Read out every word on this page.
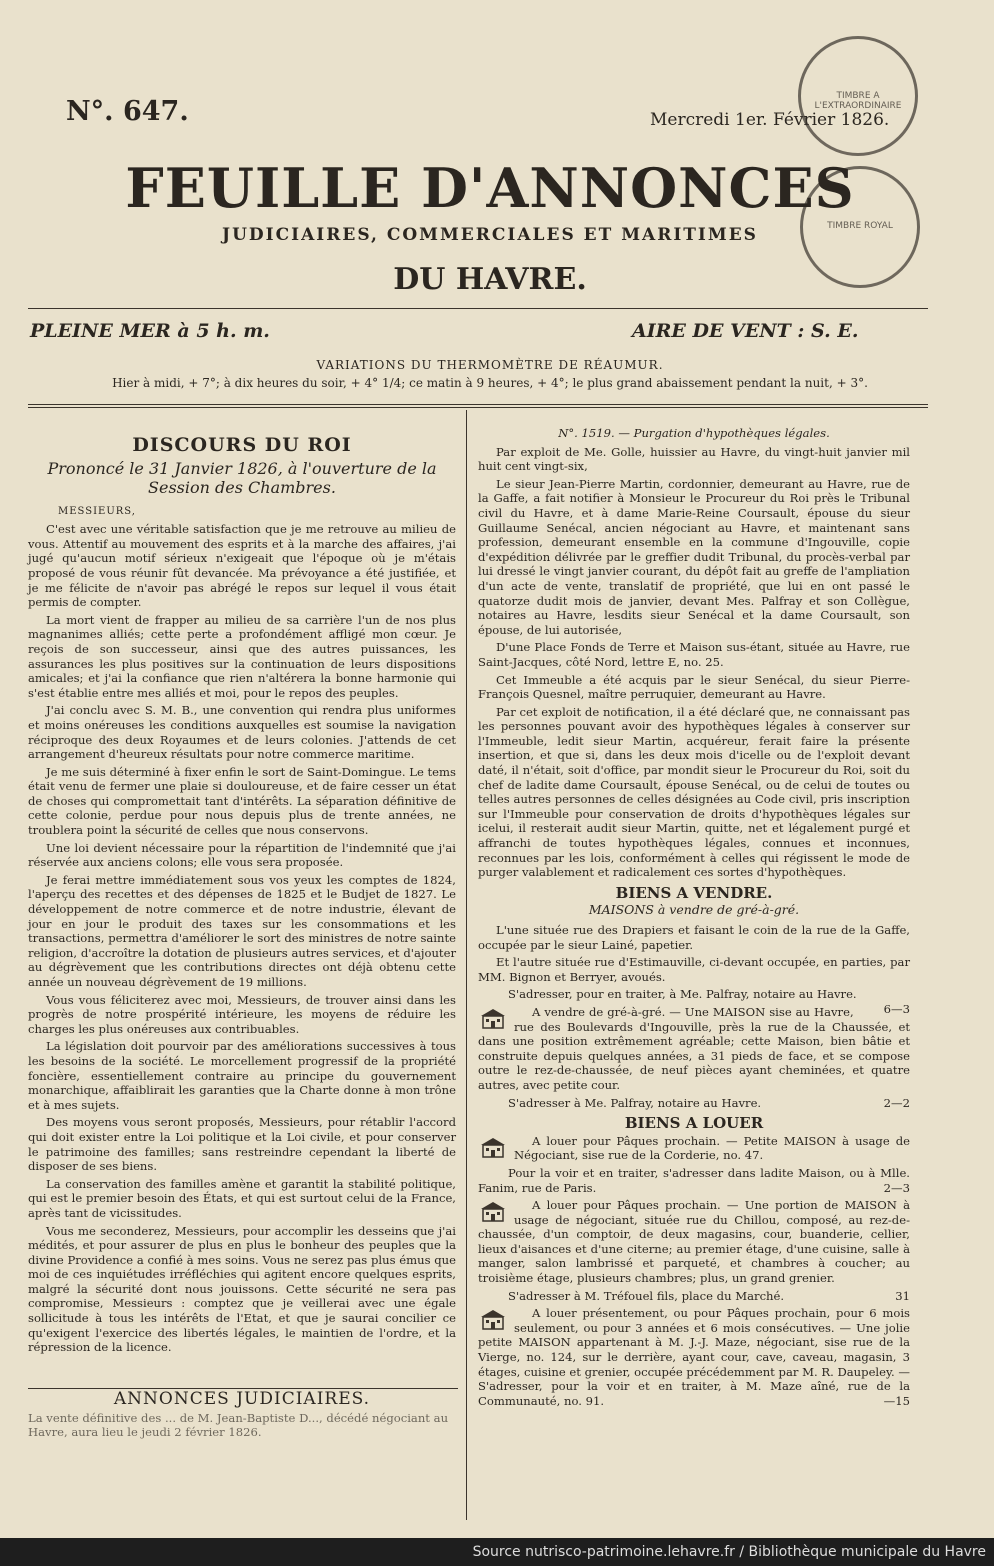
N°. 647.	Mercredi 1er. Février 1826.
TIMBRE A L'EXTRAORDINAIRE
TIMBRE ROYAL
FEUILLE D'ANNONCES
JUDICIAIRES, COMMERCIALES ET MARITIMES
DU HAVRE.
PLEINE MER à 5 h. m.	AIRE DE VENT : S. E.
VARIATIONS DU THERMOMÈTRE DE RÉAUMUR.
Hier à midi, + 7°; à dix heures du soir, + 4° 1/4; ce matin à 9 heures, + 4°; le plus grand abaissement pendant la nuit, + 3°.
DISCOURS DU ROI
Prononcé le 31 Janvier 1826, à l'ouverture de la Session des Chambres.

MESSIEURS,

C'est avec une véritable satisfaction que je me retrouve au milieu de vous. Attentif au mouvement des esprits et à la marche des affaires, j'ai jugé qu'aucun motif sérieux n'exigeait que l'époque où je m'étais proposé de vous réunir fût devancée. Ma prévoyance a été justifiée, et je me félicite de n'avoir pas abrégé le repos sur lequel il vous était permis de compter.

La mort vient de frapper au milieu de sa carrière l'un de nos plus magnanimes alliés; cette perte a profondément affligé mon cœur. Je reçois de son successeur, ainsi que des autres puissances, les assurances les plus positives sur la continuation de leurs dispositions amicales; et j'ai la confiance que rien n'altérera la bonne harmonie qui s'est établie entre mes alliés et moi, pour le repos des peuples.

J'ai conclu avec S. M. B., une convention qui rendra plus uniformes et moins onéreuses les conditions auxquelles est soumise la navigation réciproque des deux Royaumes et de leurs colonies. J'attends de cet arrangement d'heureux résultats pour notre commerce maritime.

Je me suis déterminé à fixer enfin le sort de Saint-Domingue. Le tems était venu de fermer une plaie si douloureuse, et de faire cesser un état de choses qui compromettait tant d'intérêts. La séparation définitive de cette colonie, perdue pour nous depuis plus de trente années, ne troublera point la sécurité de celles que nous conservons.

Une loi devient nécessaire pour la répartition de l'indemnité que j'ai réservée aux anciens colons; elle vous sera proposée.

Je ferai mettre immédiatement sous vos yeux les comptes de 1824, l'aperçu des recettes et des dépenses de 1825 et le Budjet de 1827. Le développement de notre commerce et de notre industrie, élevant de jour en jour le produit des taxes sur les consommations et les transactions, permettra d'améliorer le sort des ministres de notre sainte religion, d'accroître la dotation de plusieurs autres services, et d'ajouter au dégrèvement que les contributions directes ont déjà obtenu cette année un nouveau dégrèvement de 19 millions.

Vous vous féliciterez avec moi, Messieurs, de trouver ainsi dans les progrès de notre prospérité intérieure, les moyens de réduire les charges les plus onéreuses aux contribuables.

La législation doit pourvoir par des améliorations successives à tous les besoins de la société. Le morcellement progressif de la propriété foncière, essentiellement contraire au principe du gouvernement monarchique, affaiblirait les garanties que la Charte donne à mon trône et à mes sujets.

Des moyens vous seront proposés, Messieurs, pour rétablir l'accord qui doit exister entre la Loi politique et la Loi civile, et pour conserver le patrimoine des familles; sans restreindre cependant la liberté de disposer de ses biens.

La conservation des familles amène et garantit la stabilité politique, qui est le premier besoin des États, et qui est surtout celui de la France, après tant de vicissitudes.

Vous me seconderez, Messieurs, pour accomplir les desseins que j'ai médités, et pour assurer de plus en plus le bonheur des peuples que la divine Providence a confié à mes soins. Vous ne serez pas plus émus que moi de ces inquiétudes irréfléchies qui agitent encore quelques esprits, malgré la sécurité dont nous jouissons. Cette sécurité ne sera pas compromise, Messieurs : comptez que je veillerai avec une égale sollicitude à tous les intérêts de l'Etat, et que je saurai concilier ce qu'exigent l'exercice des libertés légales, le maintien de l'ordre, et la répression de la licence.

ANNONCES JUDICIAIRES.

La vente définitive des ... de M. Jean-Baptiste D..., décédé négociant au Havre, aura lieu le jeudi 2 février 1826.

N°. 1519. — Purgation d'hypothèques légales.

Par exploit de Me. Golle, huissier au Havre, du vingt-huit janvier mil huit cent vingt-six,

Le sieur Jean-Pierre Martin, cordonnier, demeurant au Havre, rue de la Gaffe, a fait notifier à Monsieur le Procureur du Roi près le Tribunal civil du Havre, et à dame Marie-Reine Coursault, épouse du sieur Guillaume Senécal, ancien négociant au Havre, et maintenant sans profession, demeurant ensemble en la commune d'Ingouville, copie d'expédition délivrée par le greffier dudit Tribunal, du procès-verbal par lui dressé le vingt janvier courant, du dépôt fait au greffe de l'ampliation d'un acte de vente, translatif de propriété, que lui en ont passé le quatorze dudit mois de janvier, devant Mes. Palfray et son Collègue, notaires au Havre, lesdits sieur Senécal et la dame Coursault, son épouse, de lui autorisée,

D'une Place Fonds de Terre et Maison sus-étant, située au Havre, rue Saint-Jacques, côté Nord, lettre E, no. 25.

Cet Immeuble a été acquis par le sieur Senécal, du sieur Pierre-François Quesnel, maître perruquier, demeurant au Havre.

Par cet exploit de notification, il a été déclaré que, ne connaissant pas les personnes pouvant avoir des hypothèques légales à conserver sur l'Immeuble, ledit sieur Martin, acquéreur, ferait faire la présente insertion, et que si, dans les deux mois d'icelle ou de l'exploit devant daté, il n'était, soit d'office, par mondit sieur le Procureur du Roi, soit du chef de ladite dame Coursault, épouse Senécal, ou de celui de toutes ou telles autres personnes de celles désignées au Code civil, pris inscription sur l'Immeuble pour conservation de droits d'hypothèques légales sur icelui, il resterait audit sieur Martin, quitte, net et légalement purgé et affranchi de toutes hypothèques légales, connues et inconnues, reconnues par les lois, conformément à celles qui régissent le mode de purger valablement et radicalement ces sortes d'hypothèques.

BIENS A VENDRE.
MAISONS à vendre de gré-à-gré.

L'une située rue des Drapiers et faisant le coin de la rue de la Gaffe, occupée par le sieur Lainé, papetier.

Et l'autre située rue d'Estimauville, ci-devant occupée, en parties, par MM. Bignon et Berryer, avoués.

S'adresser, pour en traiter, à Me. Palfray, notaire au Havre.
6—3

A vendre de gré-à-gré. — Une MAISON sise au Havre, rue des Boulevards d'Ingouville, près la rue de la Chaussée, et dans une position extrêmement agréable; cette Maison, bien bâtie et construite depuis quelques années, a 31 pieds de face, et se compose outre le rez-de-chaussée, de neuf pièces ayant cheminées, et quatre autres, avec petite cour.

S'adresser à Me. Palfray, notaire au Havre.	2—2

BIENS A LOUER

A louer pour Pâques prochain. — Petite MAISON à usage de Négociant, sise rue de la Corderie, no. 47.

Pour la voir et en traiter, s'adresser dans ladite Maison, ou à Mlle. Fanim, rue de Paris.	2—3

A louer pour Pâques prochain. — Une portion de MAISON à usage de négociant, située rue du Chillou, composé, au rez-de-chaussée, d'un comptoir, de deux magasins, cour, buanderie, cellier, lieux d'aisances et d'une citerne; au premier étage, d'une cuisine, salle à manger, salon lambrissé et parqueté, et chambres à coucher; au troisième étage, plusieurs chambres; plus, un grand grenier.

S'adresser à M. Tréfouel fils, place du Marché.	31

A louer présentement, ou pour Pâques prochain, pour 6 mois seulement, ou pour 3 années et 6 mois consécutives. — Une jolie petite MAISON appartenant à M. J.-J. Maze, négociant, sise rue de la Vierge, no. 124, sur le derrière, ayant cour, cave, caveau, magasin, 3 étages, cuisine et grenier, occupée précédemment par M. R. Daupeley. — S'adresser, pour la voir et en traiter, à M. Maze aîné, rue de la Communauté, no. 91.	—15

Source nutrisco-patrimoine.lehavre.fr / Bibliothèque municipale du Havre
